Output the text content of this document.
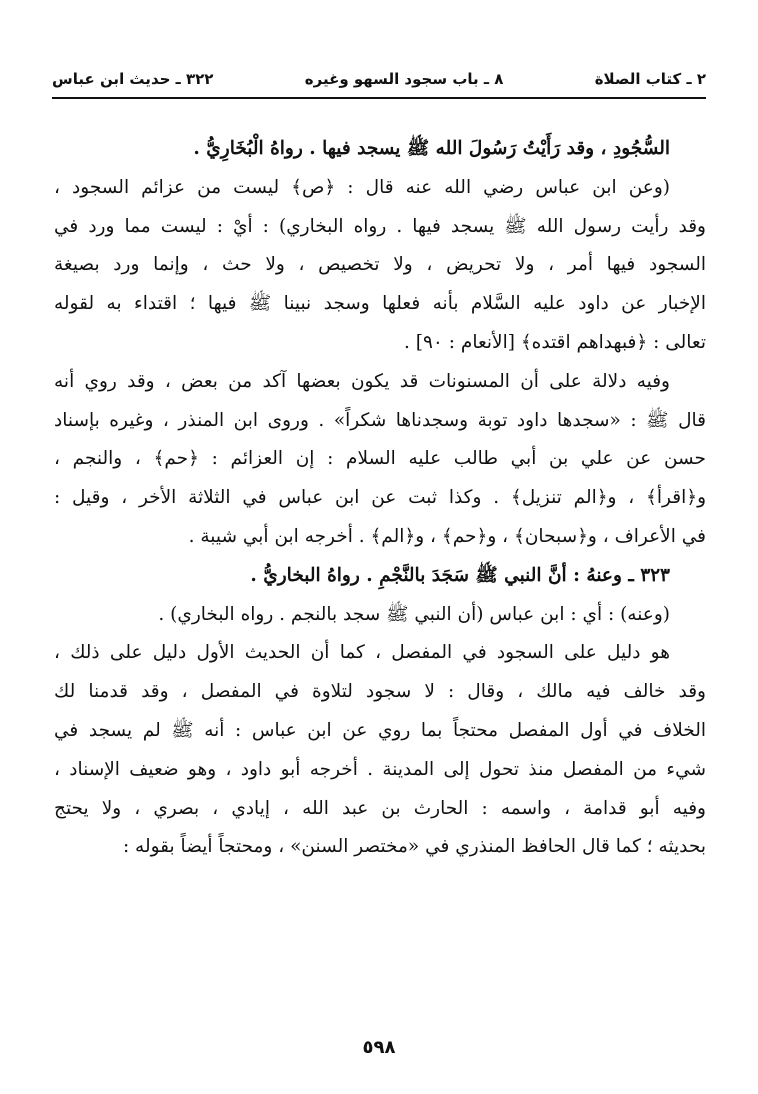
٢ ـ كتاب الصلاة
٨ ـ باب سجود السهو وغيره
٣٢٢ ـ حديث ابن عباس
السُّجُودِ ، وقد رَأَيْتُ رَسُولَ الله ﷺ يسجد فيها . رواهُ الْبُخَارِيُّ .
(وعن ابن عباس رضي الله عنه قال : ﴿ص﴾ ليست من عزائم السجود ،
وقد رأيت رسول الله ﷺ يسجد فيها . رواه البخاري) : أيْ : ليست مما ورد في
السجود فيها أمر ، ولا تحريض ، ولا تخصيص ، ولا حث ، وإنما ورد بصيغة
الإخبار عن داود عليه السَّلام بأنه فعلها وسجد نبينا ﷺ فيها ؛ اقتداء به لقوله
تعالى : ﴿فبهداهم اقتده﴾ [الأنعام : ٩٠] .
وفيه دلالة على أن المسنونات قد يكون بعضها آكد من بعض ، وقد روي أنه
قال ﷺ : «سجدها داود توبة وسجدناها شكراً» . وروى ابن المنذر ، وغيره بإسناد
حسن عن علي بن أبي طالب عليه السلام : إن العزائم : ﴿حم﴾ ، والنجم ،
و﴿اقرأ﴾ ، و﴿الم تنزيل﴾ . وكذا ثبت عن ابن عباس في الثلاثة الأخر ، وقيل :
في الأعراف ، و﴿سبحان﴾ ، و﴿حم﴾ ، و﴿الم﴾ . أخرجه ابن أبي شيبة .
٣٢٣ ـ وعنهُ : أنَّ النبي ﷺ سَجَدَ بالنَّجْمِ . رواهُ البخاريُّ .
(وعنه) : أي : ابن عباس (أن النبي ﷺ سجد بالنجم . رواه البخاري) .
هو دليل على السجود في المفصل ، كما أن الحديث الأول دليل على ذلك ،
وقد خالف فيه مالك ، وقال : لا سجود لتلاوة في المفصل ، وقد قدمنا لك
الخلاف في أول المفصل محتجاً بما روي عن ابن عباس : أنه ﷺ لم يسجد في
شيء من المفصل منذ تحول إلى المدينة . أخرجه أبو داود ، وهو ضعيف الإسناد ،
وفيه أبو قدامة ، واسمه : الحارث بن عبد الله ، إيادي ، بصري ، ولا يحتج
بحديثه ؛ كما قال الحافظ المنذري في «مختصر السنن» ، ومحتجاً أيضاً بقوله :
٥٩٨
